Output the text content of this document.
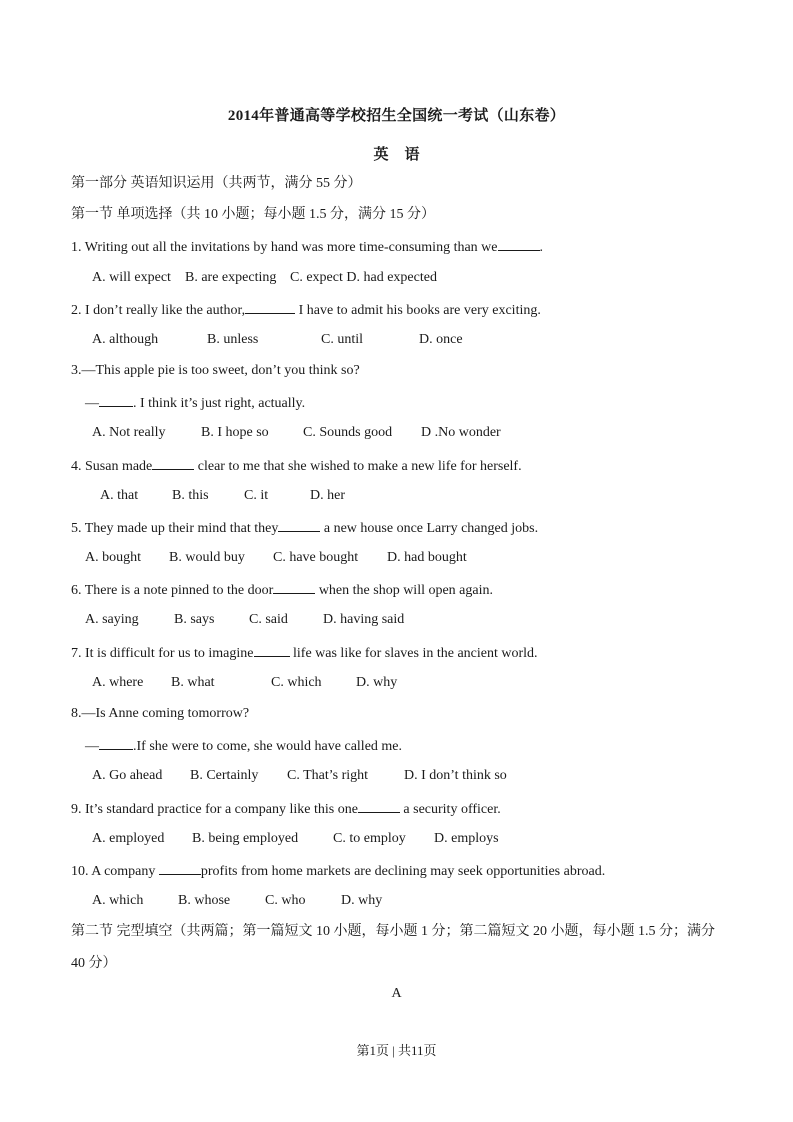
2014年普通高等学校招生全国统一考试（山东卷）
英语
第一部分 英语知识运用（共两节，满分 55 分）
第一节 单项选择（共 10 小题；每小题 1.5 分，满分 15 分）
1. Writing out all the invitations by hand was more time-consuming than we	.
A. will expect B. are expecting C. expect D. had expected
2. I don’t really like the author,	I have to admit his books are very exciting.
A. although	B. unless	C. until	D. once
3.—This apple pie is too sweet, don’t you think so?
— . I think it’s just right, actually.
A. Not really	B. I hope so C. Sounds good D .No wonder
4. Susan made	clear to me that she wished to make a new life for herself.
A. that B. this	C. it	D. her
5. They made up their mind that they	a new house once Larry changed jobs.
A. bought B. would buy C. have bought D. had bought
6. There is a note pinned to the door	when the shop will open again.
A. saying	B. says C. said	D. having said
7. It is difficult for us to imagine	life was like for slaves in the ancient world.
A. where B. what	C. which D. why
8.—Is Anne coming tomorrow?
— .If she were to come, she would have called me.
A. Go ahead B. Certainly C. That’s right	D. I don’t think so
9. It’s standard practice for a company like this one	a security officer.
A. employed B. being employed C. to employ D. employs
10. A company	profits from home markets are declining may seek opportunities abroad.
A. which B. whose C. who	D. why
第二节 完型填空（共两篇；第一篇短文 10 小题，每小题 1 分；第二篇短文 20 小题，每小题 1.5 分；满分
40 分）
A
第1页 | 共11页
